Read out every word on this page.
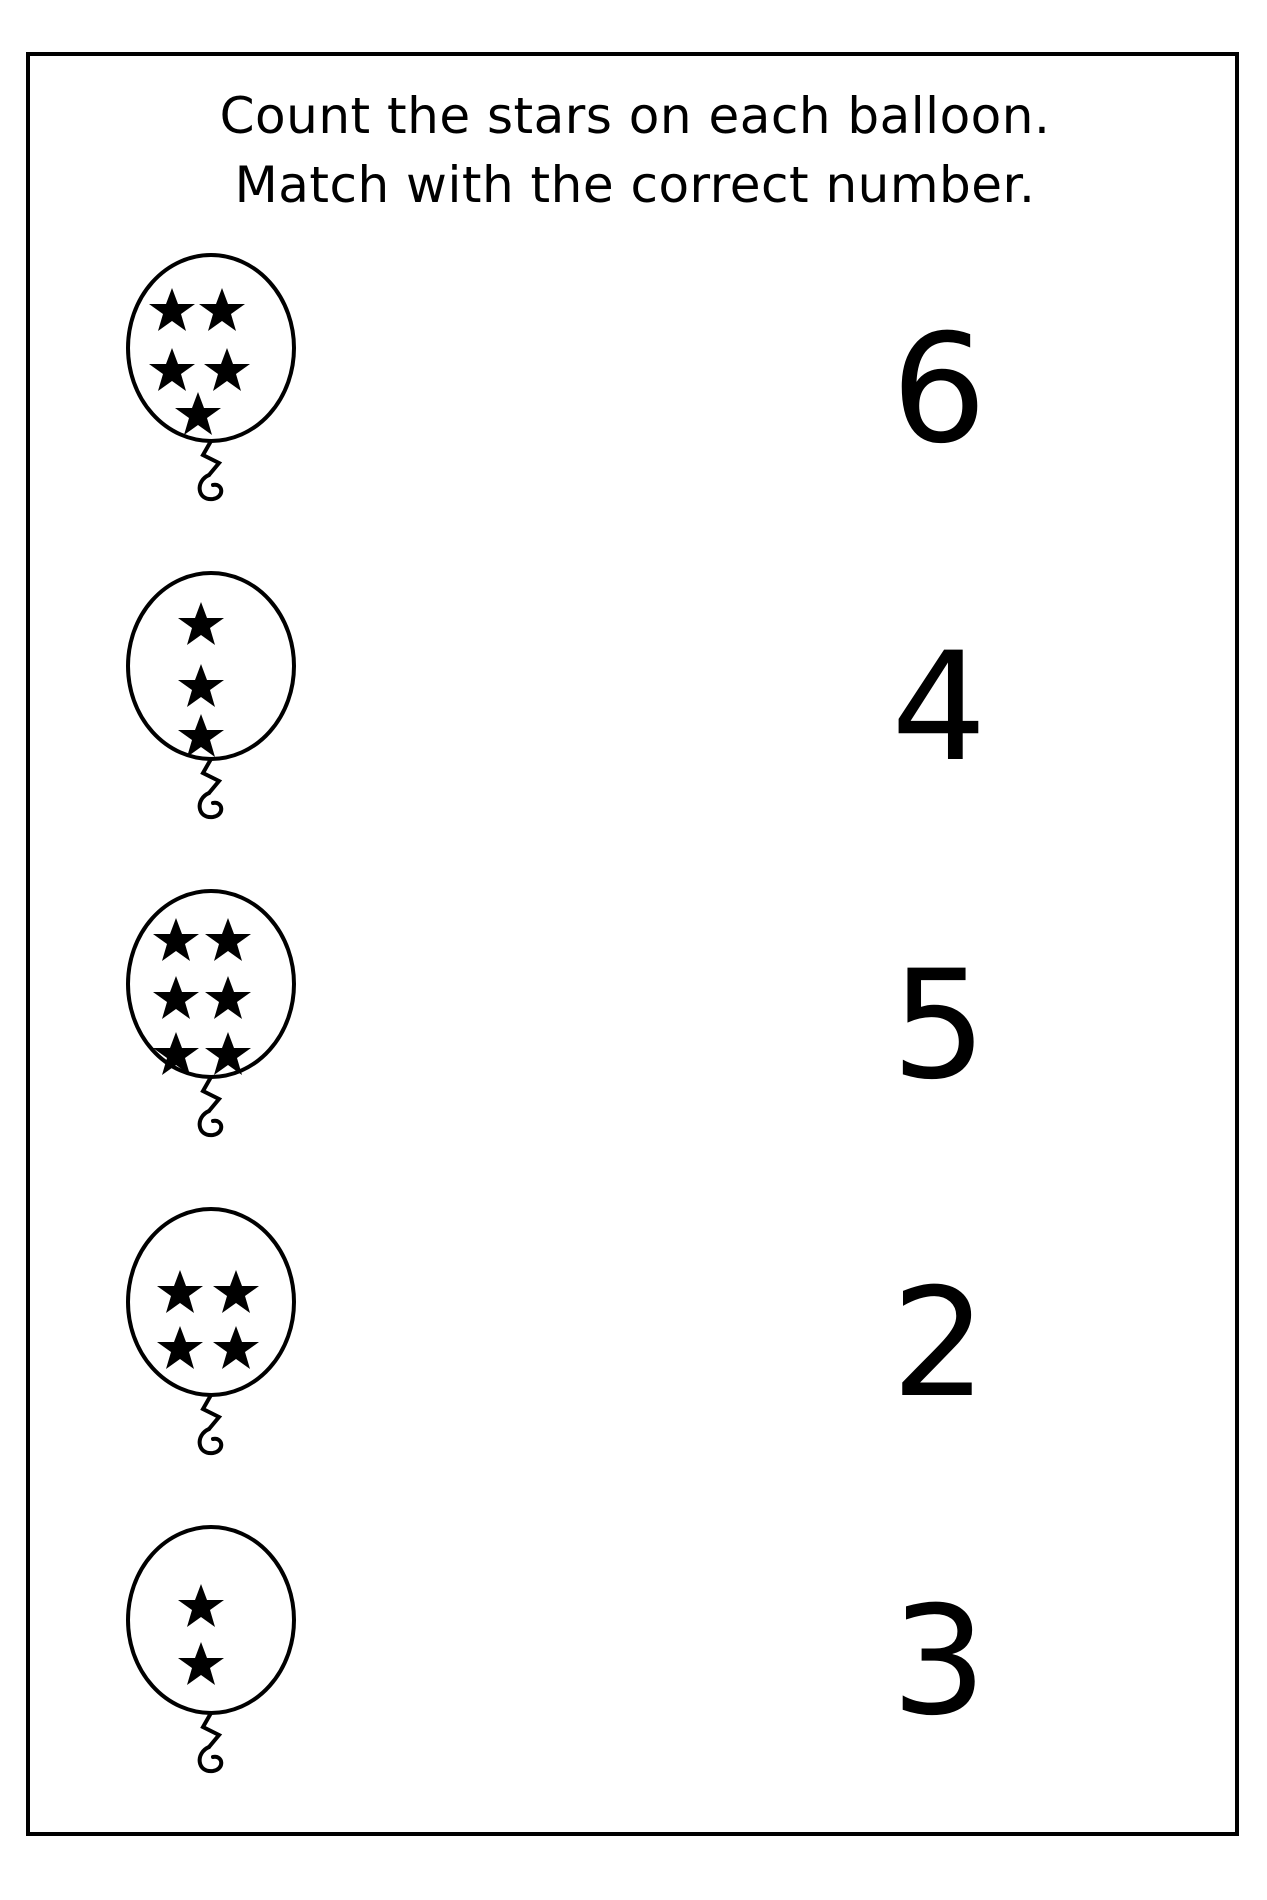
Count the stars on each balloon.
Match with the correct number.
6
4
5
2
3
